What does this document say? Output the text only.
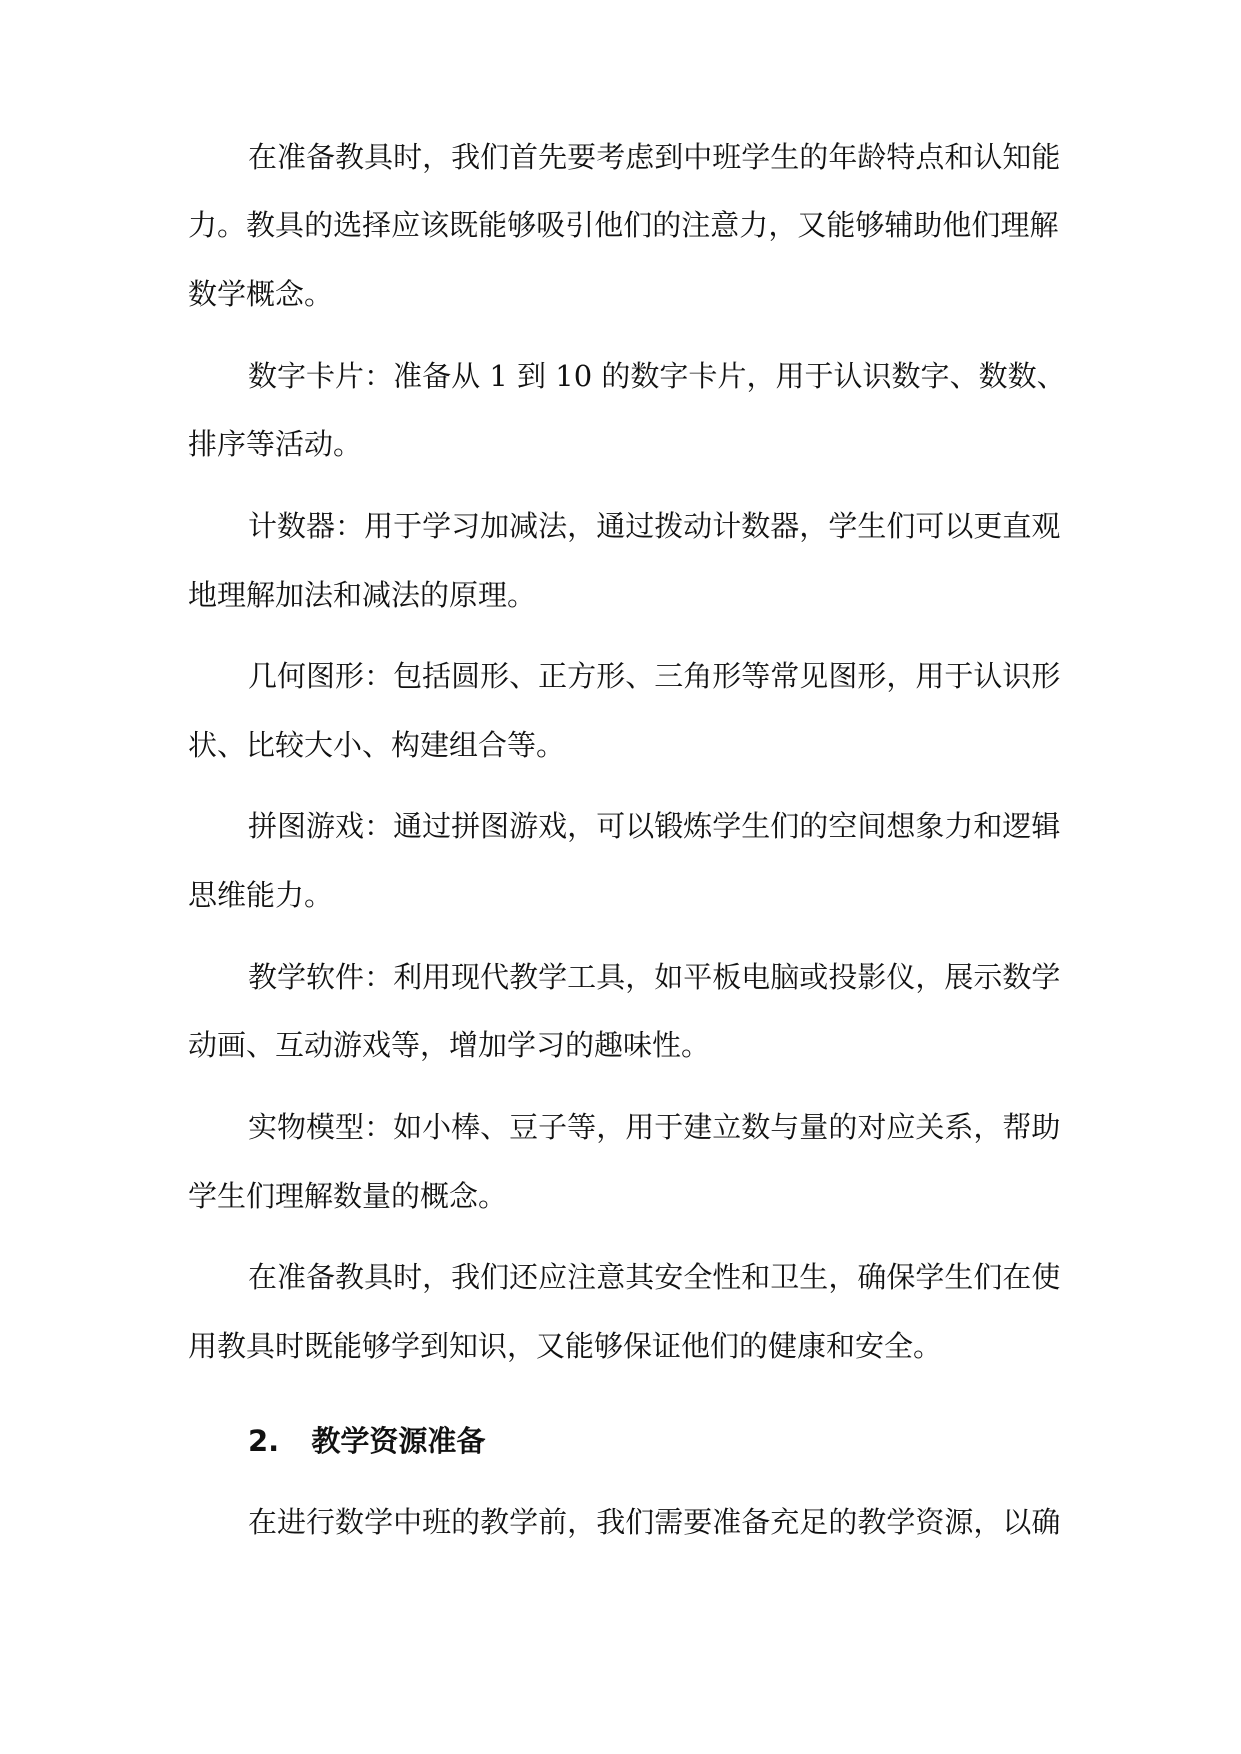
在 准 备 教 具 时 ， 我 们 首 先 要 考 虑 到 中 班 学 生 的 年 龄 特 点 和 认 知 能

力 。 教 具 的 选 择 应 该 既 能 够 吸 引 他 们 的 注 意 力 ， 又 能 够 辅 助 他 们 理 解

数学概念。

数 字 卡 片 ： 准 备 从
1
到
1 0
的 数 字 卡 片 ， 用 于 认 识 数 字 、 数 数 、

排序等活动。

计 数 器 ： 用 于 学 习 加 减 法 ， 通 过 拨 动 计 数 器 ， 学 生 们 可 以 更 直 观

地理解加法和减法的原理。

几 何 图 形 ： 包 括 圆 形 、 正 方 形 、 三 角 形 等 常 见 图 形 ， 用 于 认 识 形

状、比较大小、构建组合等。

拼 图 游 戏 ： 通 过 拼 图 游 戏 ， 可 以 锻 炼 学 生 们 的 空 间 想 象 力 和 逻 辑

思维能力。

教 学 软 件 ： 利 用 现 代 教 学 工 具 ， 如 平 板 电 脑 或 投 影 仪 ， 展 示 数 学

动画、互动游戏等，增加学习的趣味性。

实 物 模 型 ： 如 小 棒 、 豆 子 等 ， 用 于 建 立 数 与 量 的 对 应 关 系 ， 帮 助

学生们理解数量的概念。

在 准 备 教 具 时 ， 我 们 还 应 注 意 其 安 全 性 和 卫 生 ， 确 保 学 生 们 在 使

用教具时既能够学到知识，又能够保证他们的健康和安全。

2. 教学资源准备

在 进 行 数 学 中 班 的 教 学 前 ， 我 们 需 要 准 备 充 足 的 教 学 资 源 ， 以 确
